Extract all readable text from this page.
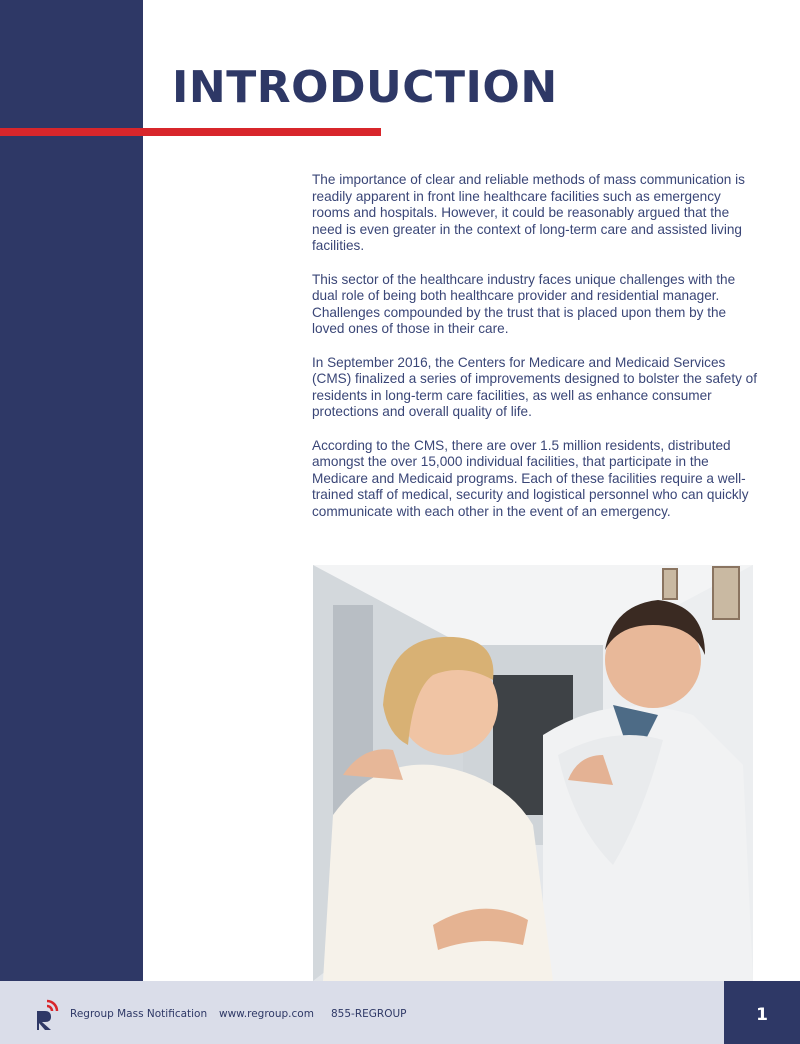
INTRODUCTION

The importance of clear and reliable methods of mass communication is readily apparent in front line healthcare facilities such as emergency rooms and hospitals. However, it could be reasonably argued that the need is even greater in the context of long-term care and assisted living facilities.

This sector of the healthcare industry faces unique challenges with the dual role of being both healthcare provider and residential manager. Challenges compounded by the trust that is placed upon them by the loved ones of those in their care.

In September 2016, the Centers for Medicare and Medicaid Services (CMS) finalized a series of improvements designed to bolster the safety of residents in long-term care facilities, as well as enhance consumer protections and overall quality of life.

According to the CMS, there are over 1.5 million residents, distributed amongst the over 15,000 individual facilities, that participate in the Medicare and Medicaid programs. Each of these facilities require a well-trained staff of medical, security and logistical personnel who can quickly communicate with each other in the event of an emergency.

Regroup Mass Notification www.regroup.com 855-REGROUP	1
